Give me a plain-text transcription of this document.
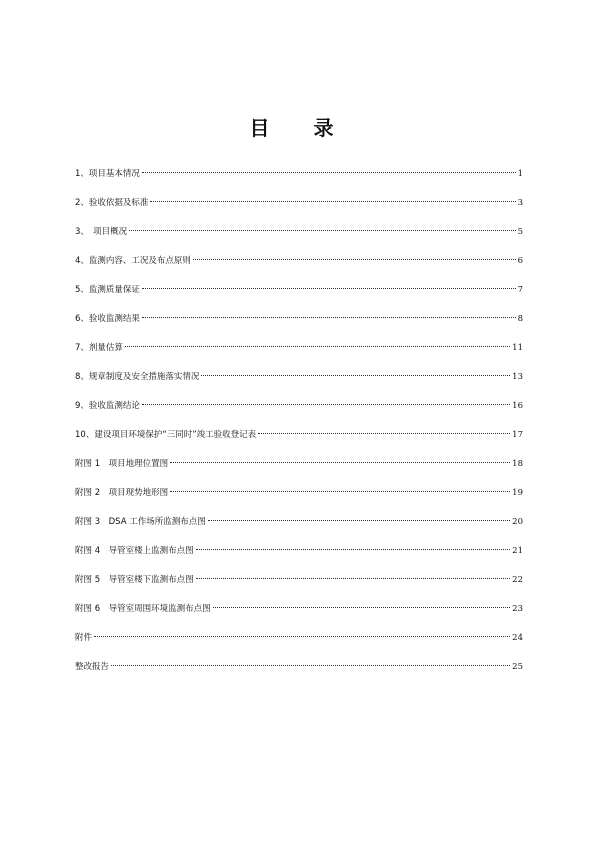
目　录
1、项目基本情况	1
2、验收依据及标准	3
3、　项目概况	5
4、监测内容、工况及布点原则	6
5、监测质量保证	7
6、验收监测结果	8
7、剂量估算	11
8、规章制度及安全措施落实情况	13
9、验收监测结论	16
10、建设项目环境保护“三同时”竣工验收登记表	17
附图 1　项目地理位置图	18
附图 2　项目现势地形图	19
附图 3　DSA 工作场所监测布点图	20
附图 4　导管室楼上监测布点图	21
附图 5　导管室楼下监测布点图	22
附图 6　导管室周围环境监测布点图	23
附件	24
整改报告	25
